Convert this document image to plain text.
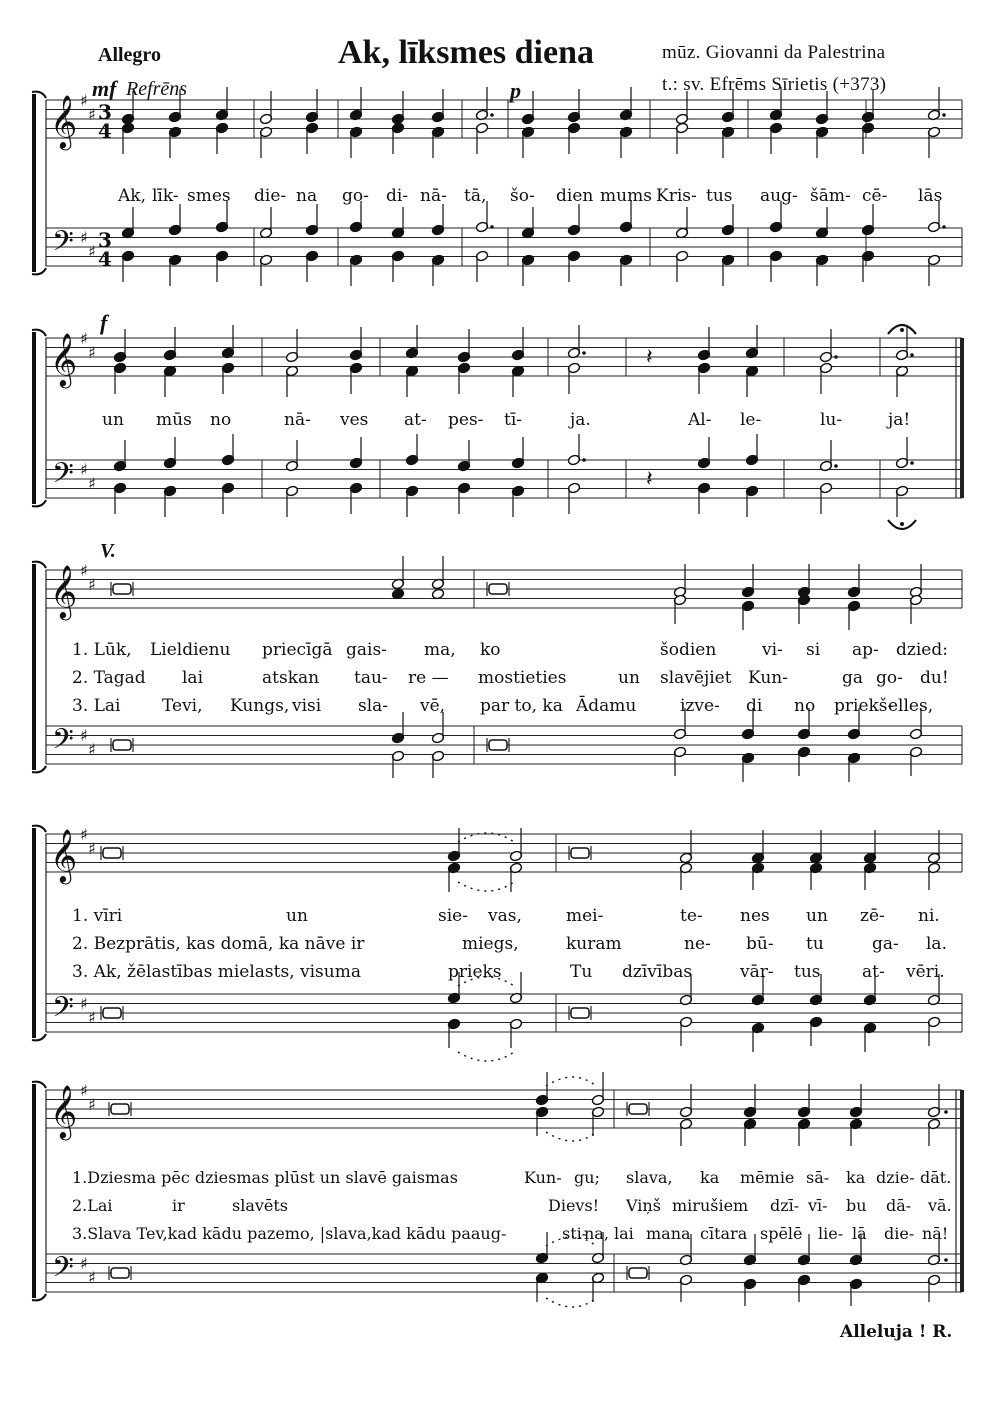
Allegro	Ak, līksmes diena	mūz. Giovanni da Palestrina
t.: sv. Efrēms Sīrietis (+373)
mf Refrēns	p
f
V.
𝄞
𝄢
♯
♯
♯
♯
3
4
3
4
𝄞
𝄢
♯
♯
♯
♯
𝄽
𝄽
𝄞
𝄢
♯
♯
♯
♯
𝄞
𝄢
♯
♯
♯
♯
𝄞
𝄢
♯
♯
♯
♯
Ak, līk- smes die- na go- di- nā- tā, šo- dien mums Kris- tus aug- šām- cē- lās
un mūs no	nā- ves at- pes- tī-	ja.	Al- le-	lu-	ja!
1. Lūk, Lieldienu priecīgā gais- ma, ko	šodien	vi- si ap- dzied:
2. Tagad lai	atskan tau- re — mostieties	un slavējiet Kun-	ga go- du!
3. Lai Tevi, Kungs, visi sla- vē, par to, ka Ādamu	izve- di no priekš-
elles,
1. vīri	un	sie- vas,	mei-	te- nes un zē- ni.
2. Bezprātis, kas domā, ka nāve ir	miegs,	kuram	ne- bū- tu	ga- la.
3. Ak, žēlastības mielasts, visuma	prieks	Tu dzīvības	vār- tus at- vēri.
1.Dziesma pēc dziesmas plūst un slavē gaismas	Kun- gu; slava, ka mēmie sā- ka dzie- dāt.
2.Lai	ir	slavēts	Dievs! Viņš mirušiem dzī- vī- bu dā- vā.
3.Slava Tev,kad kādu pazemo, |slava,kad kādu paaug-	sti-
na, lai mana cītara spēlē lie- lā die- nā!
Alleluja ! R.
